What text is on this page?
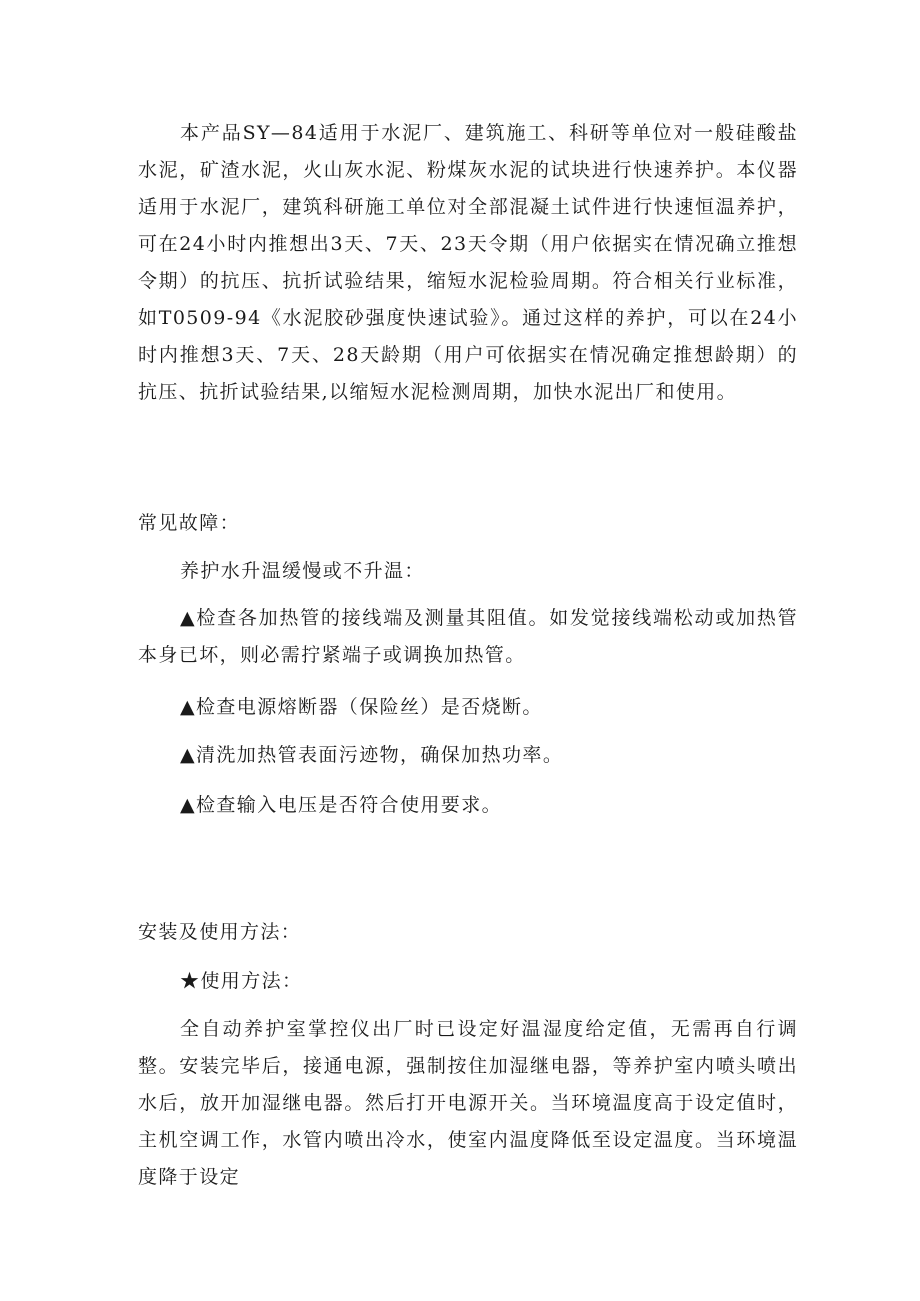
本产品SY—84适用于水泥厂、建筑施工、科研等单位对一般硅酸盐水泥，矿渣水泥，火山灰水泥、粉煤灰水泥的试块进行快速养护。本仪器适用于水泥厂，建筑科研施工单位对全部混凝土试件进行快速恒温养护，可在24小时内推想出3天、7天、23天令期（用户依据实在情况确立推想令期）的抗压、抗折试验结果，缩短水泥检验周期。符合相关行业标准，如T0509-94《水泥胶砂强度快速试验》。通过这样的养护，可以在24小时内推想3天、7天、28天龄期（用户可依据实在情况确定推想龄期）的抗压、抗折试验结果,以缩短水泥检测周期，加快水泥出厂和使用。

常见故障：

养护水升温缓慢或不升温：

▲检查各加热管的接线端及测量其阻值。如发觉接线端松动或加热管本身已坏，则必需拧紧端子或调换加热管。

▲检查电源熔断器（保险丝）是否烧断。

▲清洗加热管表面污迹物，确保加热功率。

▲检查输入电压是否符合使用要求。

安装及使用方法：

★使用方法：

全自动养护室掌控仪出厂时已设定好温湿度给定值，无需再自行调整。安装完毕后，接通电源，强制按住加湿继电器，等养护室内喷头喷出水后，放开加湿继电器。然后打开电源开关。当环境温度高于设定值时，主机空调工作，水管内喷出冷水，使室内温度降低至设定温度。当环境温度降于设定
